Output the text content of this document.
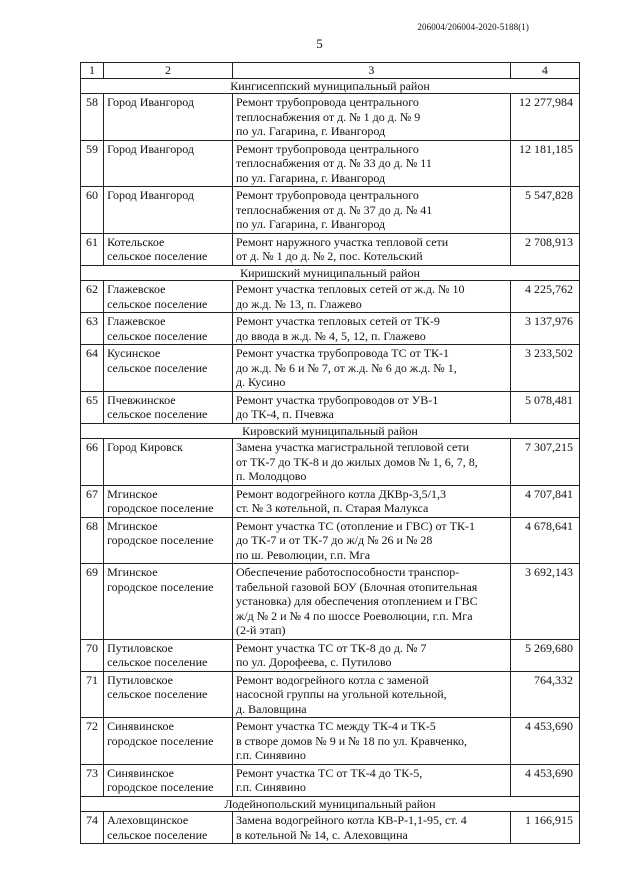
206004/206004-2020-5188(1)
5
1	2	3	4
Кингисеппский муниципальный район			
58	Город Ивангород	Ремонт трубопровода центрального
теплоснабжения от д. № 1 до д. № 9
по ул. Гагарина, г. Ивангород	12 277,984
59	Город Ивангород	Ремонт трубопровода центрального
теплоснабжения от д. № 33 до д. № 11
по ул. Гагарина, г. Ивангород	12 181,185
60	Город Ивангород	Ремонт трубопровода центрального
теплоснабжения от д. № 37 до д. № 41
по ул. Гагарина, г. Ивангород	5 547,828
61	Котельское
сельское поселение	Ремонт наружного участка тепловой сети
от д. № 1 до д. № 2, пос. Котельский	2 708,913
Киришский муниципальный район			
62	Глажевское
сельское поселение	Ремонт участка тепловых сетей от ж.д. № 10
до ж.д. № 13, п. Глажево	4 225,762
63	Глажевское
сельское поселение	Ремонт участка тепловых сетей от ТК-9
до ввода в ж.д. № 4, 5, 12, п. Глажево	3 137,976
64	Кусинское
сельское поселение	Ремонт участка трубопровода ТС от ТК-1
до ж.д. № 6 и № 7, от ж.д. № 6 до ж.д. № 1,
д. Кусино	3 233,502
65	Пчевжинское
сельское поселение	Ремонт участка трубопроводов от УВ-1
до ТК-4, п. Пчевжа	5 078,481
Кировский муниципальный район			
66	Город Кировск	Замена участка магистральной тепловой сети
от ТК-7 до ТК-8 и до жилых домов № 1, 6, 7, 8,
п. Молодцово	7 307,215
67	Мгинское
городское поселение	Ремонт водогрейного котла ДКВр-3,5/1,3
ст. № 3 котельной, п. Старая Малукса	4 707,841
68	Мгинское
городское поселение	Ремонт участка ТС (отопление и ГВС) от ТК-1
до ТК-7 и от ТК-7 до ж/д № 26 и № 28
по ш. Революции, г.п. Мга	4 678,641
69	Мгинское
городское поселение	Обеспечение работоспособности транспор-
табельной газовой БОУ (Блочная отопительная
установка) для обеспечения отоплением и ГВС
ж/д № 2 и № 4 по шоссе Роеволюции, г.п. Мга
(2-й этап)	3 692,143
70	Путиловское
сельское поселение	Ремонт участка ТС от ТК-8 до д. № 7
по ул. Дорофеева, с. Путилово	5 269,680
71	Путиловское
сельское поселение	Ремонт водогрейного котла с заменой
насосной группы на угольной котельной,
д. Валовщина	764,332
72	Синявинское
городское поселение	Ремонт участка ТС между ТК-4 и ТК-5
в створе домов № 9 и № 18 по ул. Кравченко,
г.п. Синявино	4 453,690
73	Синявинское
городское поселение	Ремонт участка ТС от ТК-4 до ТК-5,
г.п. Синявино	4 453,690
Лодейнопольский муниципальный район			
74	Алеховщинское
сельское поселение	Замена водогрейного котла КВ-Р-1,1-95, ст. 4
в котельной № 14, с. Алеховщина	1 166,915
